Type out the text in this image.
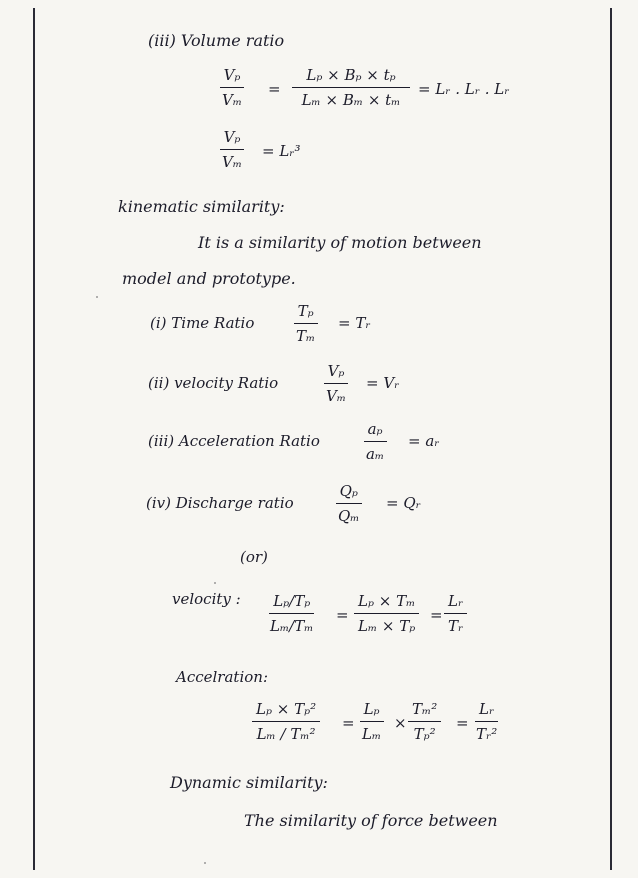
(iii) Volume ratio
$\frac{\text{Vₚ}}{\text{Vₘ}} = \frac{\text{Lₚ × Bₚ × tₚ}}{\text{Lₘ × Bₘ × tₘ}}$ = Lᵣ . Lᵣ . Lᵣ
$\frac{\text{Vₚ}}{\text{Vₘ}}$ = Lᵣ³
kinematic similarity:
It is a similarity of motion between
model and prototype.
(i) Time Ratio	$\frac{\text{Tₚ}}{\text{Tₘ}}$ = Tᵣ
(ii) velocity Ratio	$\frac{\text{Vₚ}}{\text{Vₘ}}$ = Vᵣ
(iii) Acceleration Ratio	$\frac{\text{aₚ}}{\text{aₘ}}$ = aᵣ
(iv) Discharge ratio	$\frac{\text{Qₚ}}{\text{Qₘ}}$ = Qᵣ
(or)
velocity : $\frac{\text{Lₚ/Tₚ}}{\text{Lₘ/Tₘ}} = \frac{\text{Lₚ × Tₘ}}{\text{Lₘ × Tₚ}} = \frac{\text{Lᵣ}}{\text{Tᵣ}}$
Accelration:
$\frac{\text{Lₚ × Tₚ²}}{\text{Lₘ / Tₘ²}} = \frac{\text{Lₚ}}{\text{Lₘ}} \times \frac{\text{Tₘ²}}{\text{Tₚ²}} = \frac{\text{Lᵣ}}{\text{Tᵣ²}}$
Dynamic similarity:
The similarity of force between
